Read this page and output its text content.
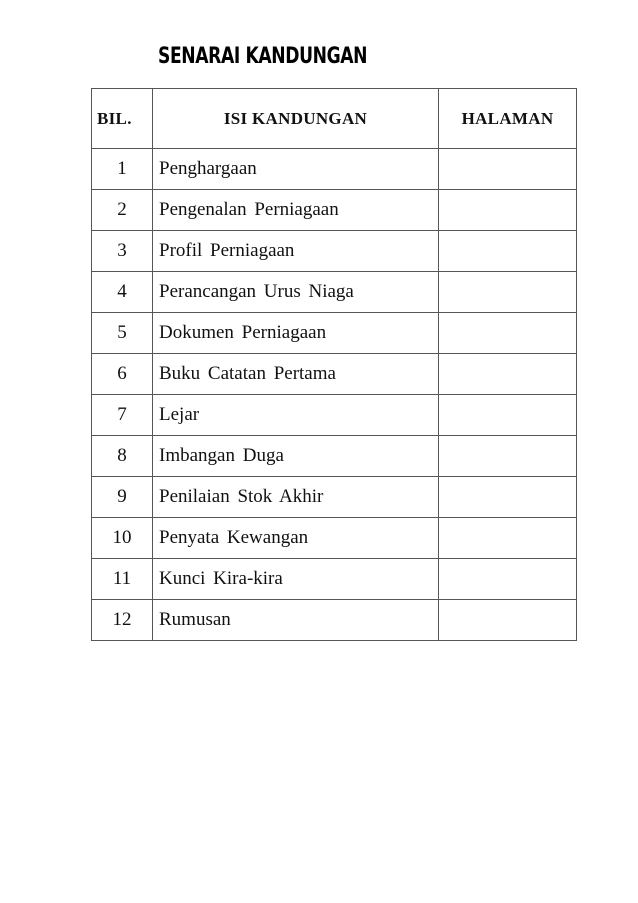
SENARAI KANDUNGAN
BIL.	ISI KANDUNGAN	HALAMAN
1	Penghargaan	
2	Pengenalan Perniagaan	
3	Profil Perniagaan	
4	Perancangan Urus Niaga	
5	Dokumen Perniagaan	
6	Buku Catatan Pertama	
7	Lejar	
8	Imbangan Duga	
9	Penilaian Stok Akhir	
10	Penyata Kewangan	
11	Kunci Kira-kira	
12	Rumusan	
